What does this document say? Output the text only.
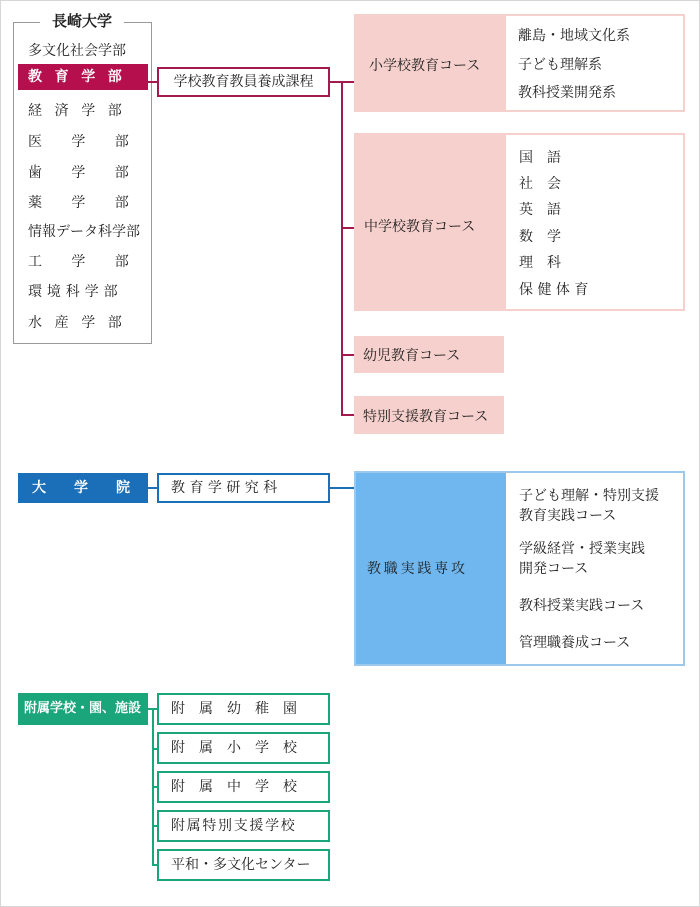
長崎大学
多文化社会学部
教育学部
経済学部
医学部
歯学部
薬学部
情報データ科学部
工学部
環境科学部
水産学部
学校教育教員養成課程
小学校教育コース
離島・地域文化系
子ども理解系
教科授業開発系
中学校教育コース
国　語
社　会
英　語
数　学
理　科
保 健 体 育
幼児教育コース
特別支援教育コース
大　　学　　院	教 育 学 研 究 科
教職実践専攻
子ども理解・特別支援
教育実践コース
学級経営・授業実践
開発コース
教科授業実践コース
管理職養成コース
附属学校・園、施設	附　属　幼　稚　園
附　属　小　学　校
附　属　中　学　校
附属特別支援学校
平和・多文化センター
